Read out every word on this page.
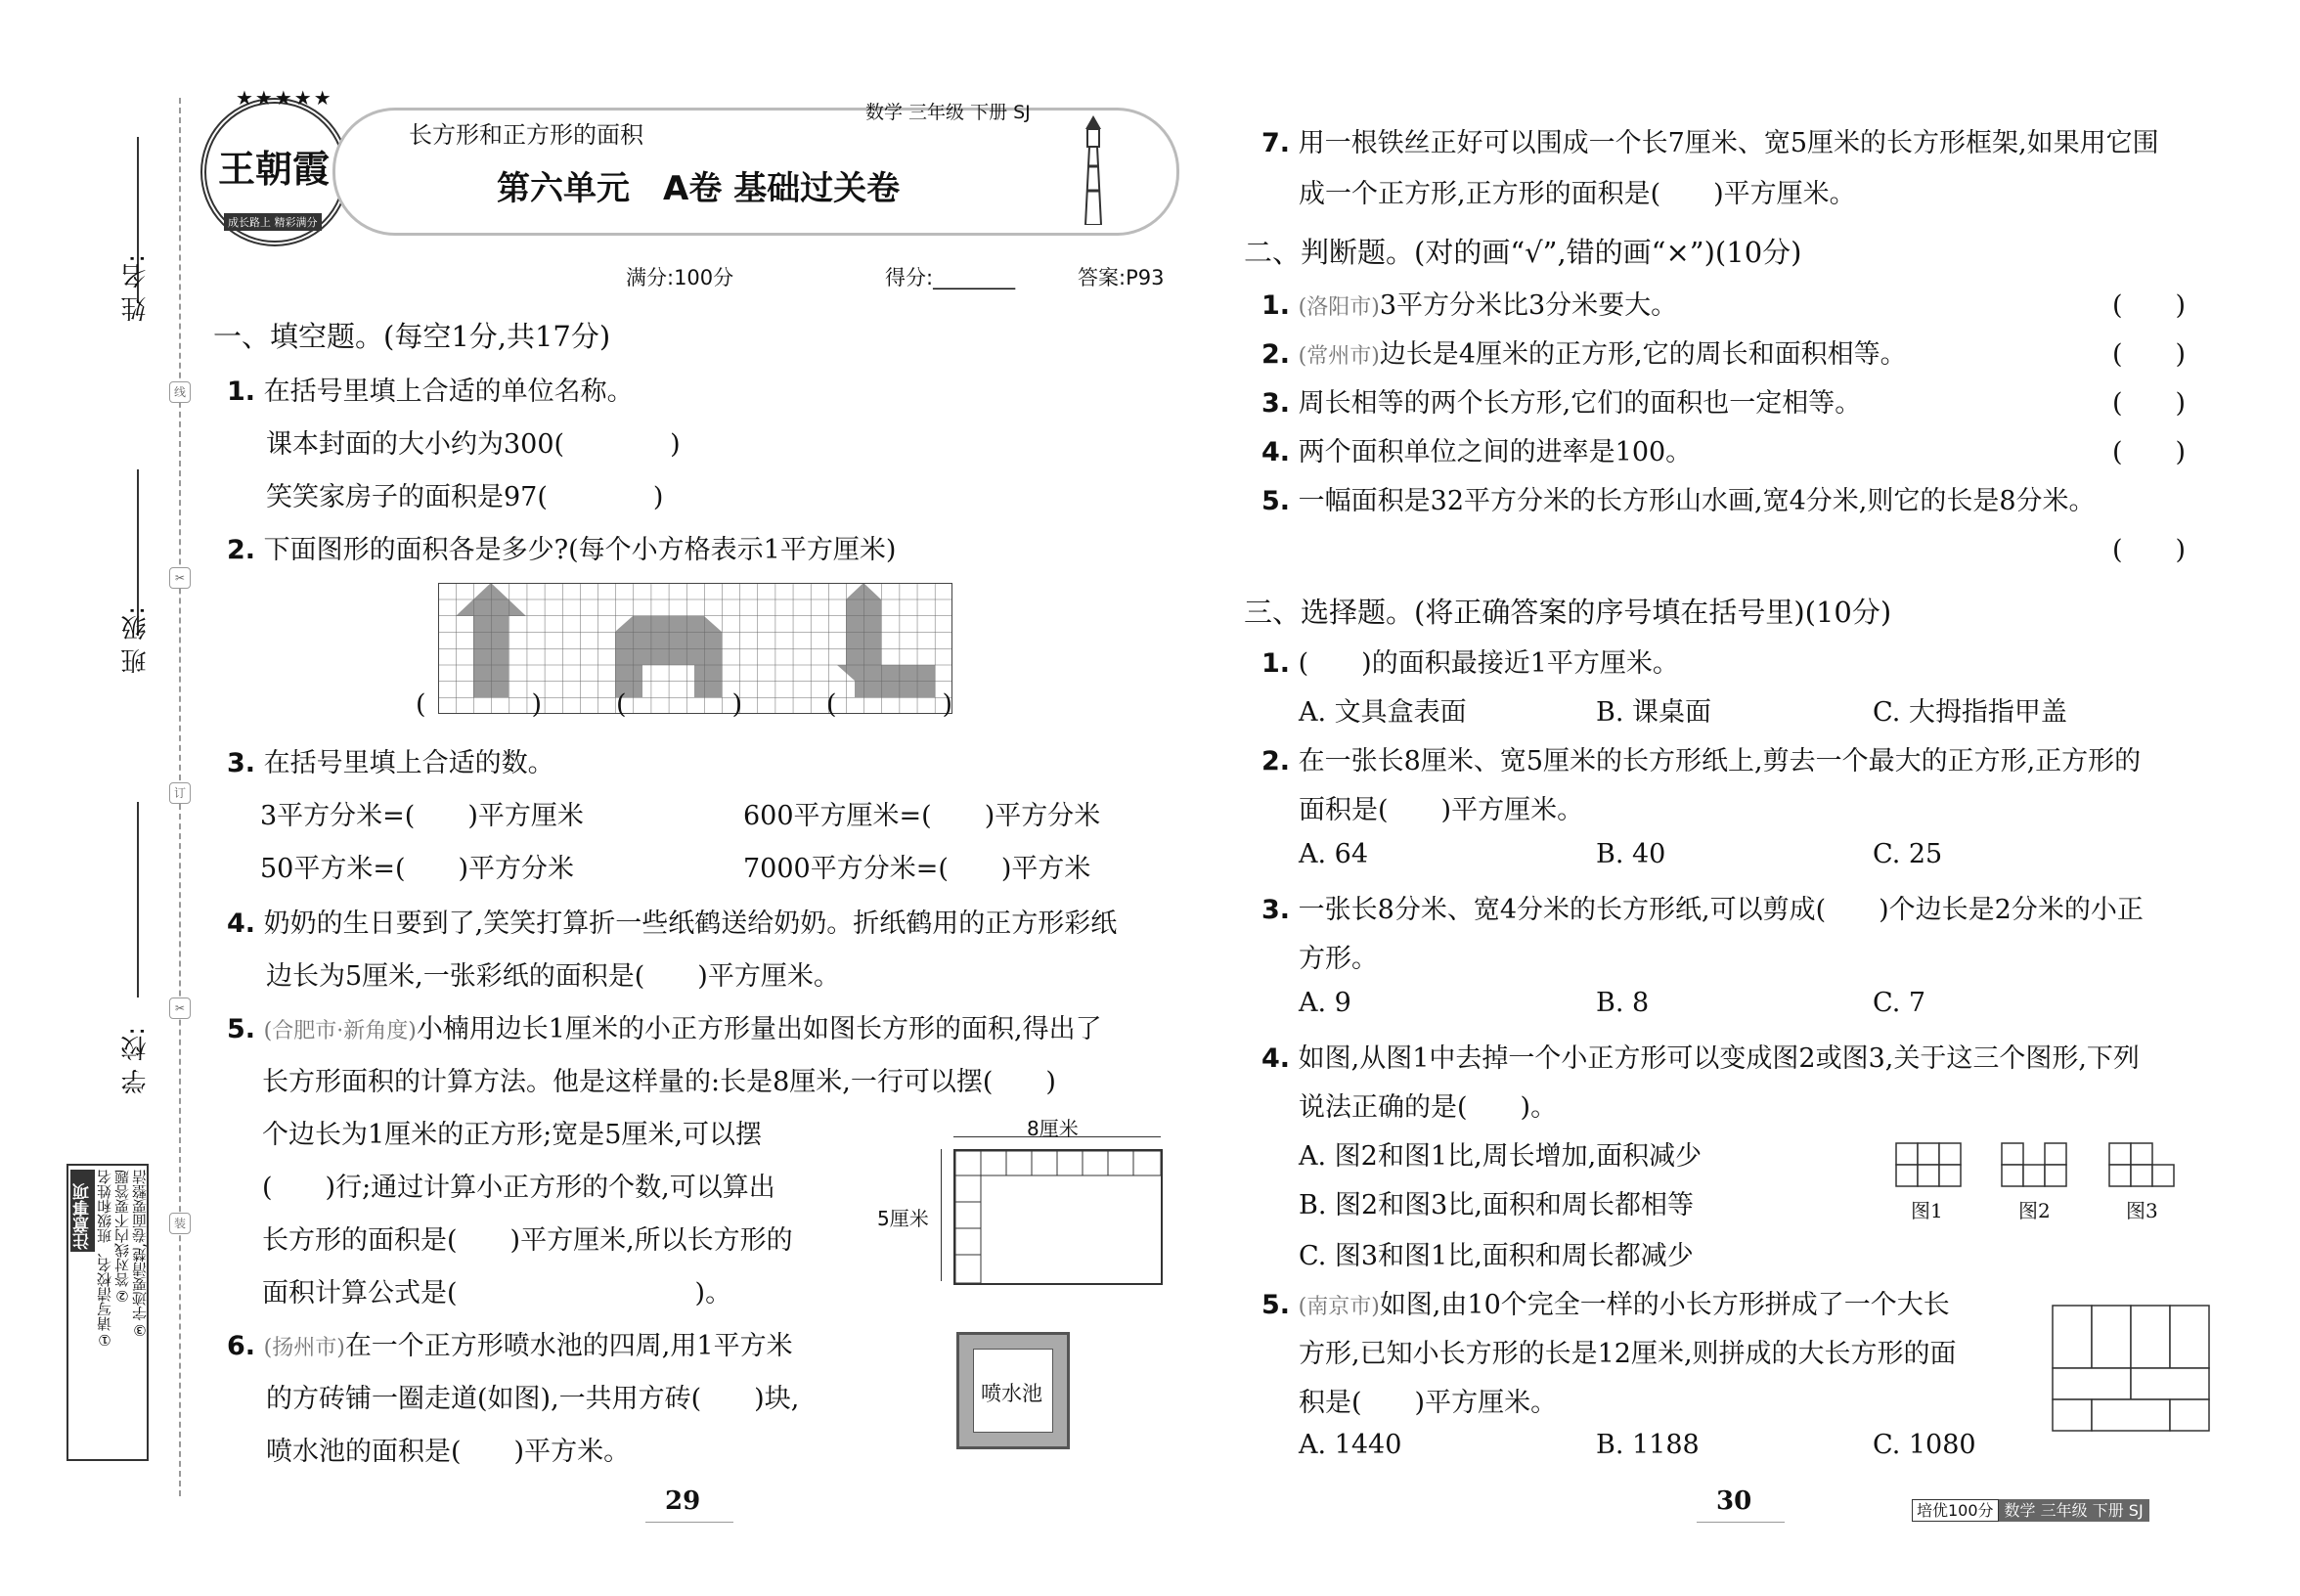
姓 名:
班 级:
学 校:
注意事项 ①请写清校名、班级和姓名 ②答对线内不要答题 ③字迹要清楚,卷面要整洁
线
✂
订
✂
装
★★★★★
王朝霞
成长路上 精彩满分
长方形和正方形的面积
数学 三年级 下册 SJ
第六单元　A卷 基础过关卷
满分:100分	得分:________	答案:P93
一、填空题。(每空1分,共17分)
1. 在括号里填上合适的单位名称。
课本封面的大小约为300(　　　　)
笑笑家房子的面积是97(　　　　)
2. 下面图形的面积各是多少?(每个小方格表示1平方厘米)
(　　　　)	(　　　　)	(　　　　)
3. 在括号里填上合适的数。
3平方分米=(　　)平方厘米	600平方厘米=(　　)平方分米
50平方米=(　　)平方分米	7000平方分米=(　　)平方米
4. 奶奶的生日要到了,笑笑打算折一些纸鹤送给奶奶。折纸鹤用的正方形彩纸
边长为5厘米,一张彩纸的面积是(　　)平方厘米。
5. (合肥市·新角度)小楠用边长1厘米的小正方形量出如图长方形的面积,得出了
长方形面积的计算方法。他是这样量的:长是8厘米,一行可以摆(　　)
个边长为1厘米的正方形;宽是5厘米,可以摆
(　　)行;通过计算小正方形的个数,可以算出
长方形的面积是(　　)平方厘米,所以长方形的
面积计算公式是(　　　　　　　　　)。
8厘米
5厘米
6. (扬州市)在一个正方形喷水池的四周,用1平方米
的方砖铺一圈走道(如图),一共用方砖(　　)块,
喷水池的面积是(　　)平方米。
喷水池
29
7. 用一根铁丝正好可以围成一个长7厘米、宽5厘米的长方形框架,如果用它围
成一个正方形,正方形的面积是(　　)平方厘米。
二、判断题。(对的画“√”,错的画“×”)(10分)
1. (洛阳市)3平方分米比3分米要大。	(　　)
2. (常州市)边长是4厘米的正方形,它的周长和面积相等。	(　　)
3. 周长相等的两个长方形,它们的面积也一定相等。	(　　)
4. 两个面积单位之间的进率是100。	(　　)
5. 一幅面积是32平方分米的长方形山水画,宽4分米,则它的长是8分米。
(　　)
三、选择题。(将正确答案的序号填在括号里)(10分)
1. (　　)的面积最接近1平方厘米。
A. 文具盒表面	B. 课桌面	C. 大拇指指甲盖
2. 在一张长8厘米、宽5厘米的长方形纸上,剪去一个最大的正方形,正方形的
面积是(　　)平方厘米。
A. 64	B. 40	C. 25
3. 一张长8分米、宽4分米的长方形纸,可以剪成(　　)个边长是2分米的小正
方形。
A. 9	B. 8	C. 7
4. 如图,从图1中去掉一个小正方形可以变成图2或图3,关于这三个图形,下列
说法正确的是(　　)。
A. 图2和图1比,周长增加,面积减少
B. 图2和图3比,面积和周长都相等
C. 图3和图1比,面积和周长都减少
图1	图2	图3
5. (南京市)如图,由10个完全一样的小长方形拼成了一个大长
方形,已知小长方形的长是12厘米,则拼成的大长方形的面
积是(　　)平方厘米。
A. 1440	B. 1188	C. 1080
30	培优100分 数学 三年级 下册 SJ
